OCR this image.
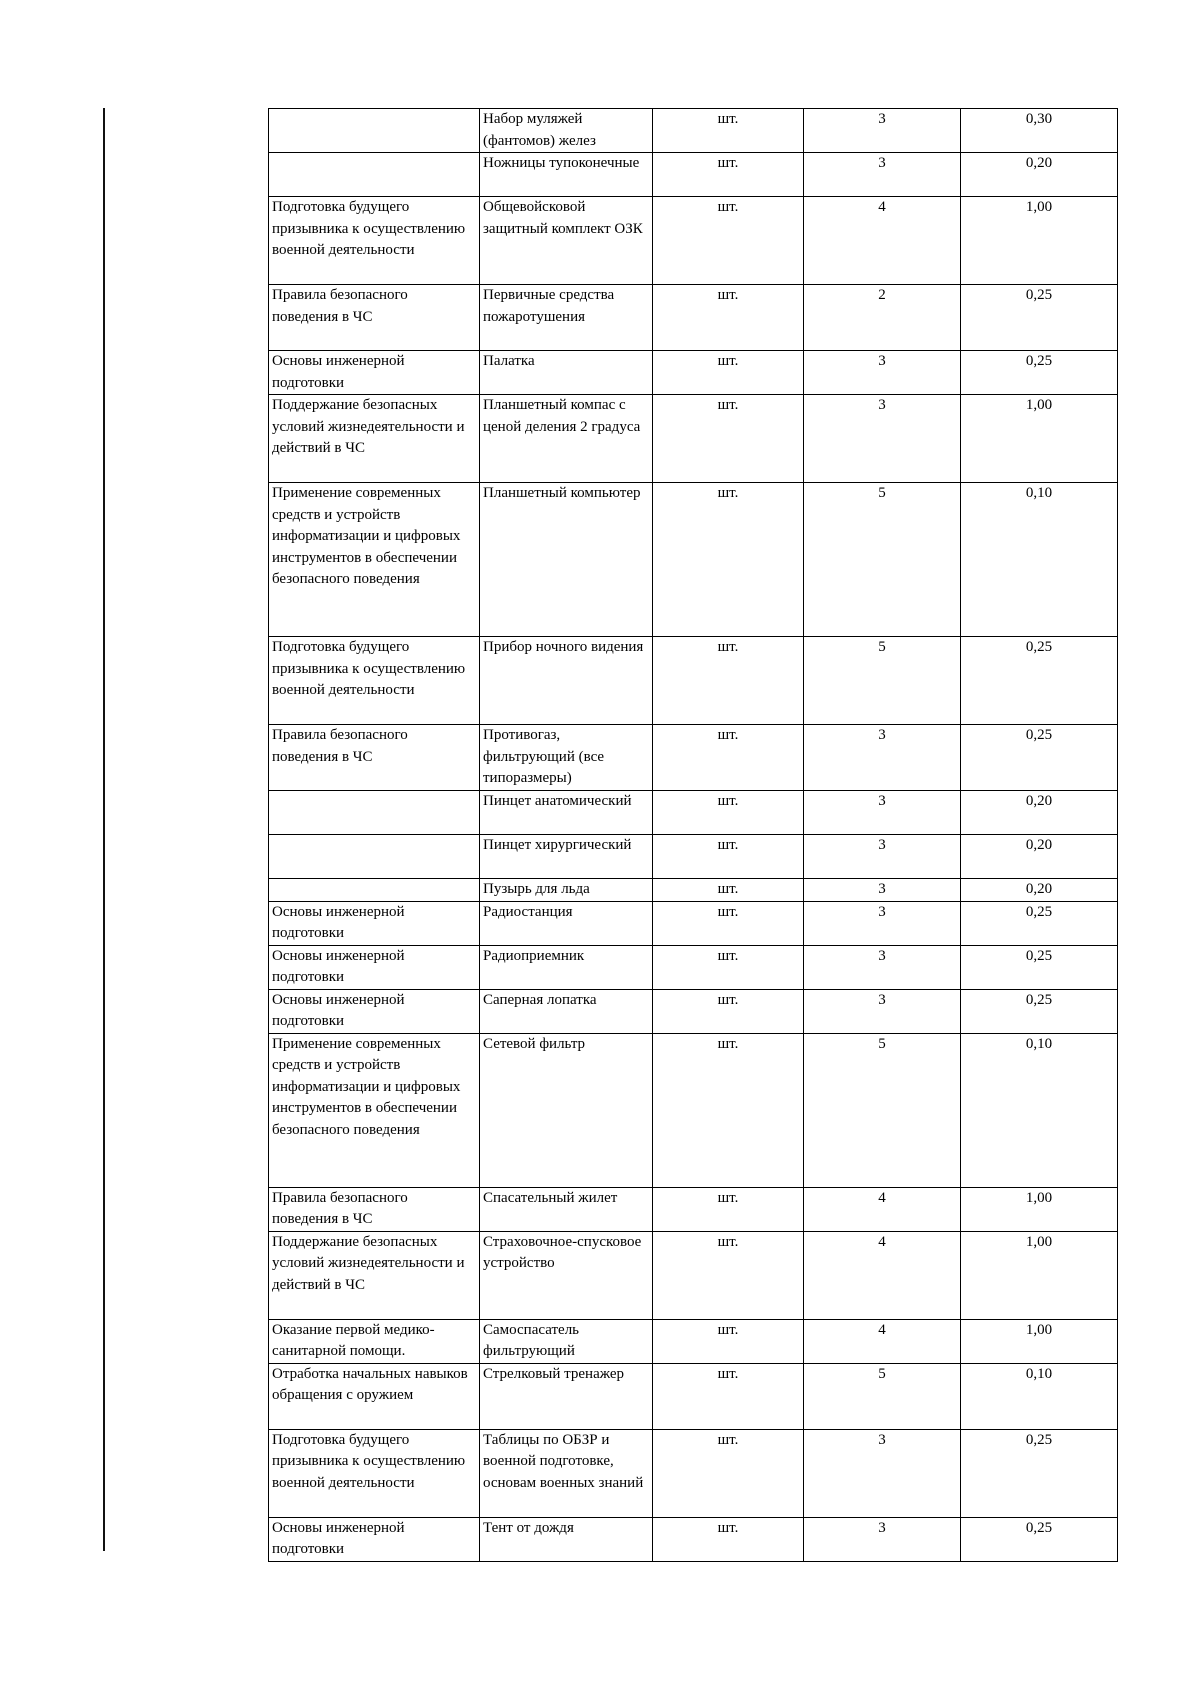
	Набор муляжей (фантомов) желез	шт.	3	0,30
	Ножницы тупоконечные	шт.	3	0,20
Подготовка будущего призывника к осуществлению военной деятельности	Общевойсковой защитный комплект ОЗК	шт.	4	1,00
Правила безопасного поведения в ЧС	Первичные средства пожаротушения	шт.	2	0,25
Основы инженерной подготовки	Палатка	шт.	3	0,25
Поддержание безопасных условий жизнедеятельности и действий в ЧС	Планшетный компас с ценой деления 2 градуса	шт.	3	1,00
Применение современных средств и устройств информатизации и цифровых инструментов в обеспечении безопасного поведения	Планшетный компьютер	шт.	5	0,10
Подготовка будущего призывника к осуществлению военной деятельности	Прибор ночного видения	шт.	5	0,25
Правила безопасного поведения в ЧС	Противогаз, фильтрующий (все типоразмеры)	шт.	3	0,25
	Пинцет анатомический	шт.	3	0,20
	Пинцет хирургический	шт.	3	0,20
	Пузырь для льда	шт.	3	0,20
Основы инженерной подготовки	Радиостанция	шт.	3	0,25
Основы инженерной подготовки	Радиоприемник	шт.	3	0,25
Основы инженерной подготовки	Саперная лопатка	шт.	3	0,25
Применение современных средств и устройств информатизации и цифровых инструментов в обеспечении безопасного поведения	Сетевой фильтр	шт.	5	0,10
Правила безопасного поведения в ЧС	Спасательный жилет	шт.	4	1,00
Поддержание безопасных условий жизнедеятельности и действий в ЧС	Страховочное-спусковое устройство	шт.	4	1,00
Оказание первой медико-санитарной помощи.	Самоспасатель фильтрующий	шт.	4	1,00
Отработка начальных навыков обращения с оружием	Стрелковый тренажер	шт.	5	0,10
Подготовка будущего призывника к осуществлению военной деятельности	Таблицы по ОБЗР и военной подготовке, основам военных знаний	шт.	3	0,25
Основы инженерной подготовки	Тент от дождя	шт.	3	0,25
